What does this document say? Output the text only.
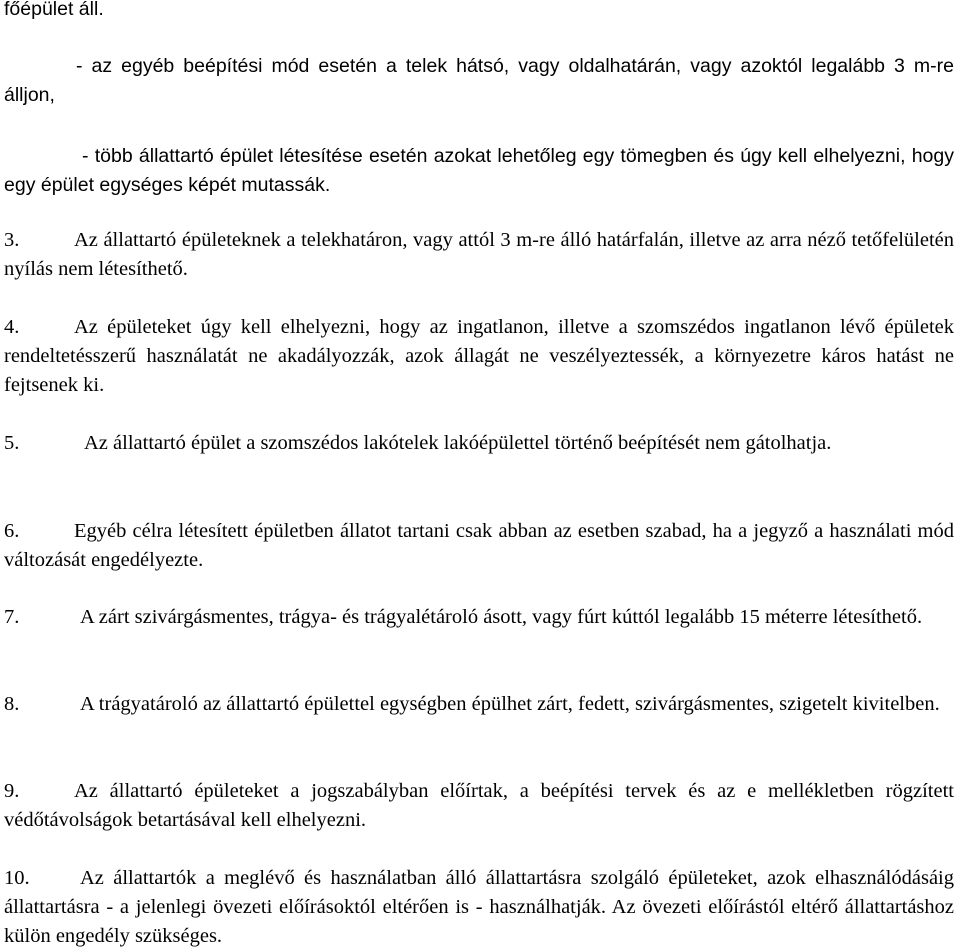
főépület áll.

- az egyéb beépítési mód esetén a telek hátsó, vagy oldalhatárán, vagy azoktól legalább 3 m-re álljon,

- több állattartó épület létesítése esetén azokat lehetőleg egy tömegben és úgy kell elhelyezni, hogy egy épület egységes képét mutassák.

3.	Az állattartó épületeknek a telekhatáron, vagy attól 3 m-re álló határfalán, illetve az arra néző tetőfelületén nyílás nem létesíthető.

4.	Az épületeket úgy kell elhelyezni, hogy az ingatlanon, illetve a szomszédos ingatlanon lévő épületek rendeltetésszerű használatát ne akadályozzák, azok állagát ne veszélyeztessék, a környezetre káros hatást ne fejtsenek ki.

5.	Az állattartó épület a szomszédos lakótelek lakóépülettel történő beépítését nem gátolhatja.

6.	Egyéb célra létesített épületben állatot tartani csak abban az esetben szabad, ha a jegyző a használati mód változását engedélyezte.

7.	A zárt szivárgásmentes, trágya- és trágyalétároló ásott, vagy fúrt kúttól legalább 15 méterre létesíthető.

8.	A trágyatároló az állattartó épülettel egységben épülhet zárt, fedett, szivárgásmentes, szigetelt kivitelben.

9.	Az állattartó épületeket a jogszabályban előírtak, a beépítési tervek és az e mellékletben rögzített védőtávolságok betartásával kell elhelyezni.

10. Az állattartók a meglévő és használatban álló állattartásra szolgáló épületeket, azok elhasználódásáig állattartásra - a jelenlegi övezeti előírásoktól eltérően is - használhatják. Az övezeti előírástól eltérő állattartáshoz külön engedély szükséges.
